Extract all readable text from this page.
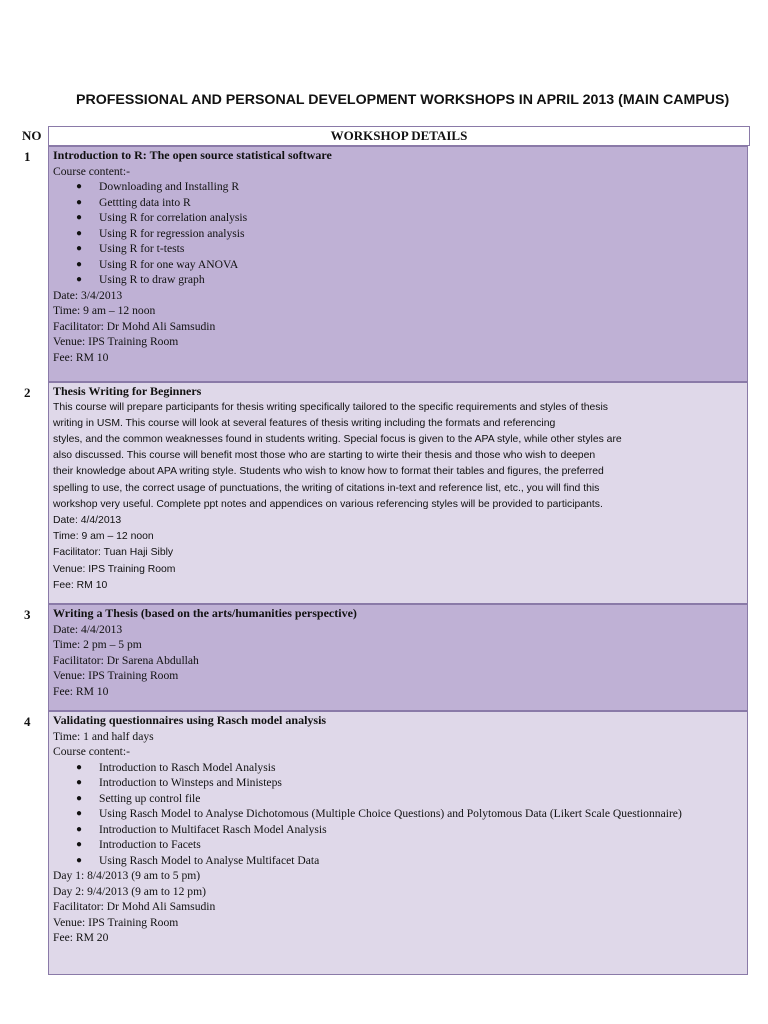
PROFESSIONAL AND PERSONAL DEVELOPMENT WORKSHOPS IN APRIL 2013 (MAIN CAMPUS)
NO	WORKSHOP DETAILS
1	Introduction to R: The open source statistical software
Course content:-
● Downloading and Installing R
● Gettting data into R
● Using R for correlation analysis
● Using R for regression analysis
● Using R for t-tests
● Using R for one way ANOVA
● Using R to draw graph
Date: 3/4/2013
Time: 9 am – 12 noon
Facilitator: Dr Mohd Ali Samsudin
Venue: IPS Training Room
Fee: RM 10
2	Thesis Writing for Beginners
This course will prepare participants for thesis writing specifically tailored to the specific requirements and styles of thesis
writing in USM. This course will look at several features of thesis writing including the formats and referencing
styles, and the common weaknesses found in students writing. Special focus is given to the APA style, while other styles are
also discussed. This course will benefit most those who are starting to wirte their thesis and those who wish to deepen
their knowledge about APA writing style. Students who wish to know how to format their tables and figures, the preferred
spelling to use, the correct usage of punctuations, the writing of citations in-text and reference list, etc., you will find this
workshop very useful. Complete ppt notes and appendices on various referencing styles will be provided to participants.
Date: 4/4/2013
Time: 9 am – 12 noon
Facilitator: Tuan Haji Sibly
Venue: IPS Training Room
Fee: RM 10
3	Writing a Thesis (based on the arts/humanities perspective)
Date: 4/4/2013
Time: 2 pm – 5 pm
Facilitator: Dr Sarena Abdullah
Venue: IPS Training Room
Fee: RM 10
4	Validating questionnaires using Rasch model analysis
Time: 1 and half days
Course content:-
● Introduction to Rasch Model Analysis
● Introduction to Winsteps and Ministeps
● Setting up control file
● Using Rasch Model to Analyse Dichotomous (Multiple Choice Questions) and Polytomous Data (Likert Scale Questionnaire)
● Introduction to Multifacet Rasch Model Analysis
● Introduction to Facets
● Using Rasch Model to Analyse Multifacet Data
Day 1: 8/4/2013 (9 am to 5 pm)
Day 2: 9/4/2013 (9 am to 12 pm)
Facilitator: Dr Mohd Ali Samsudin
Venue: IPS Training Room
Fee: RM 20
